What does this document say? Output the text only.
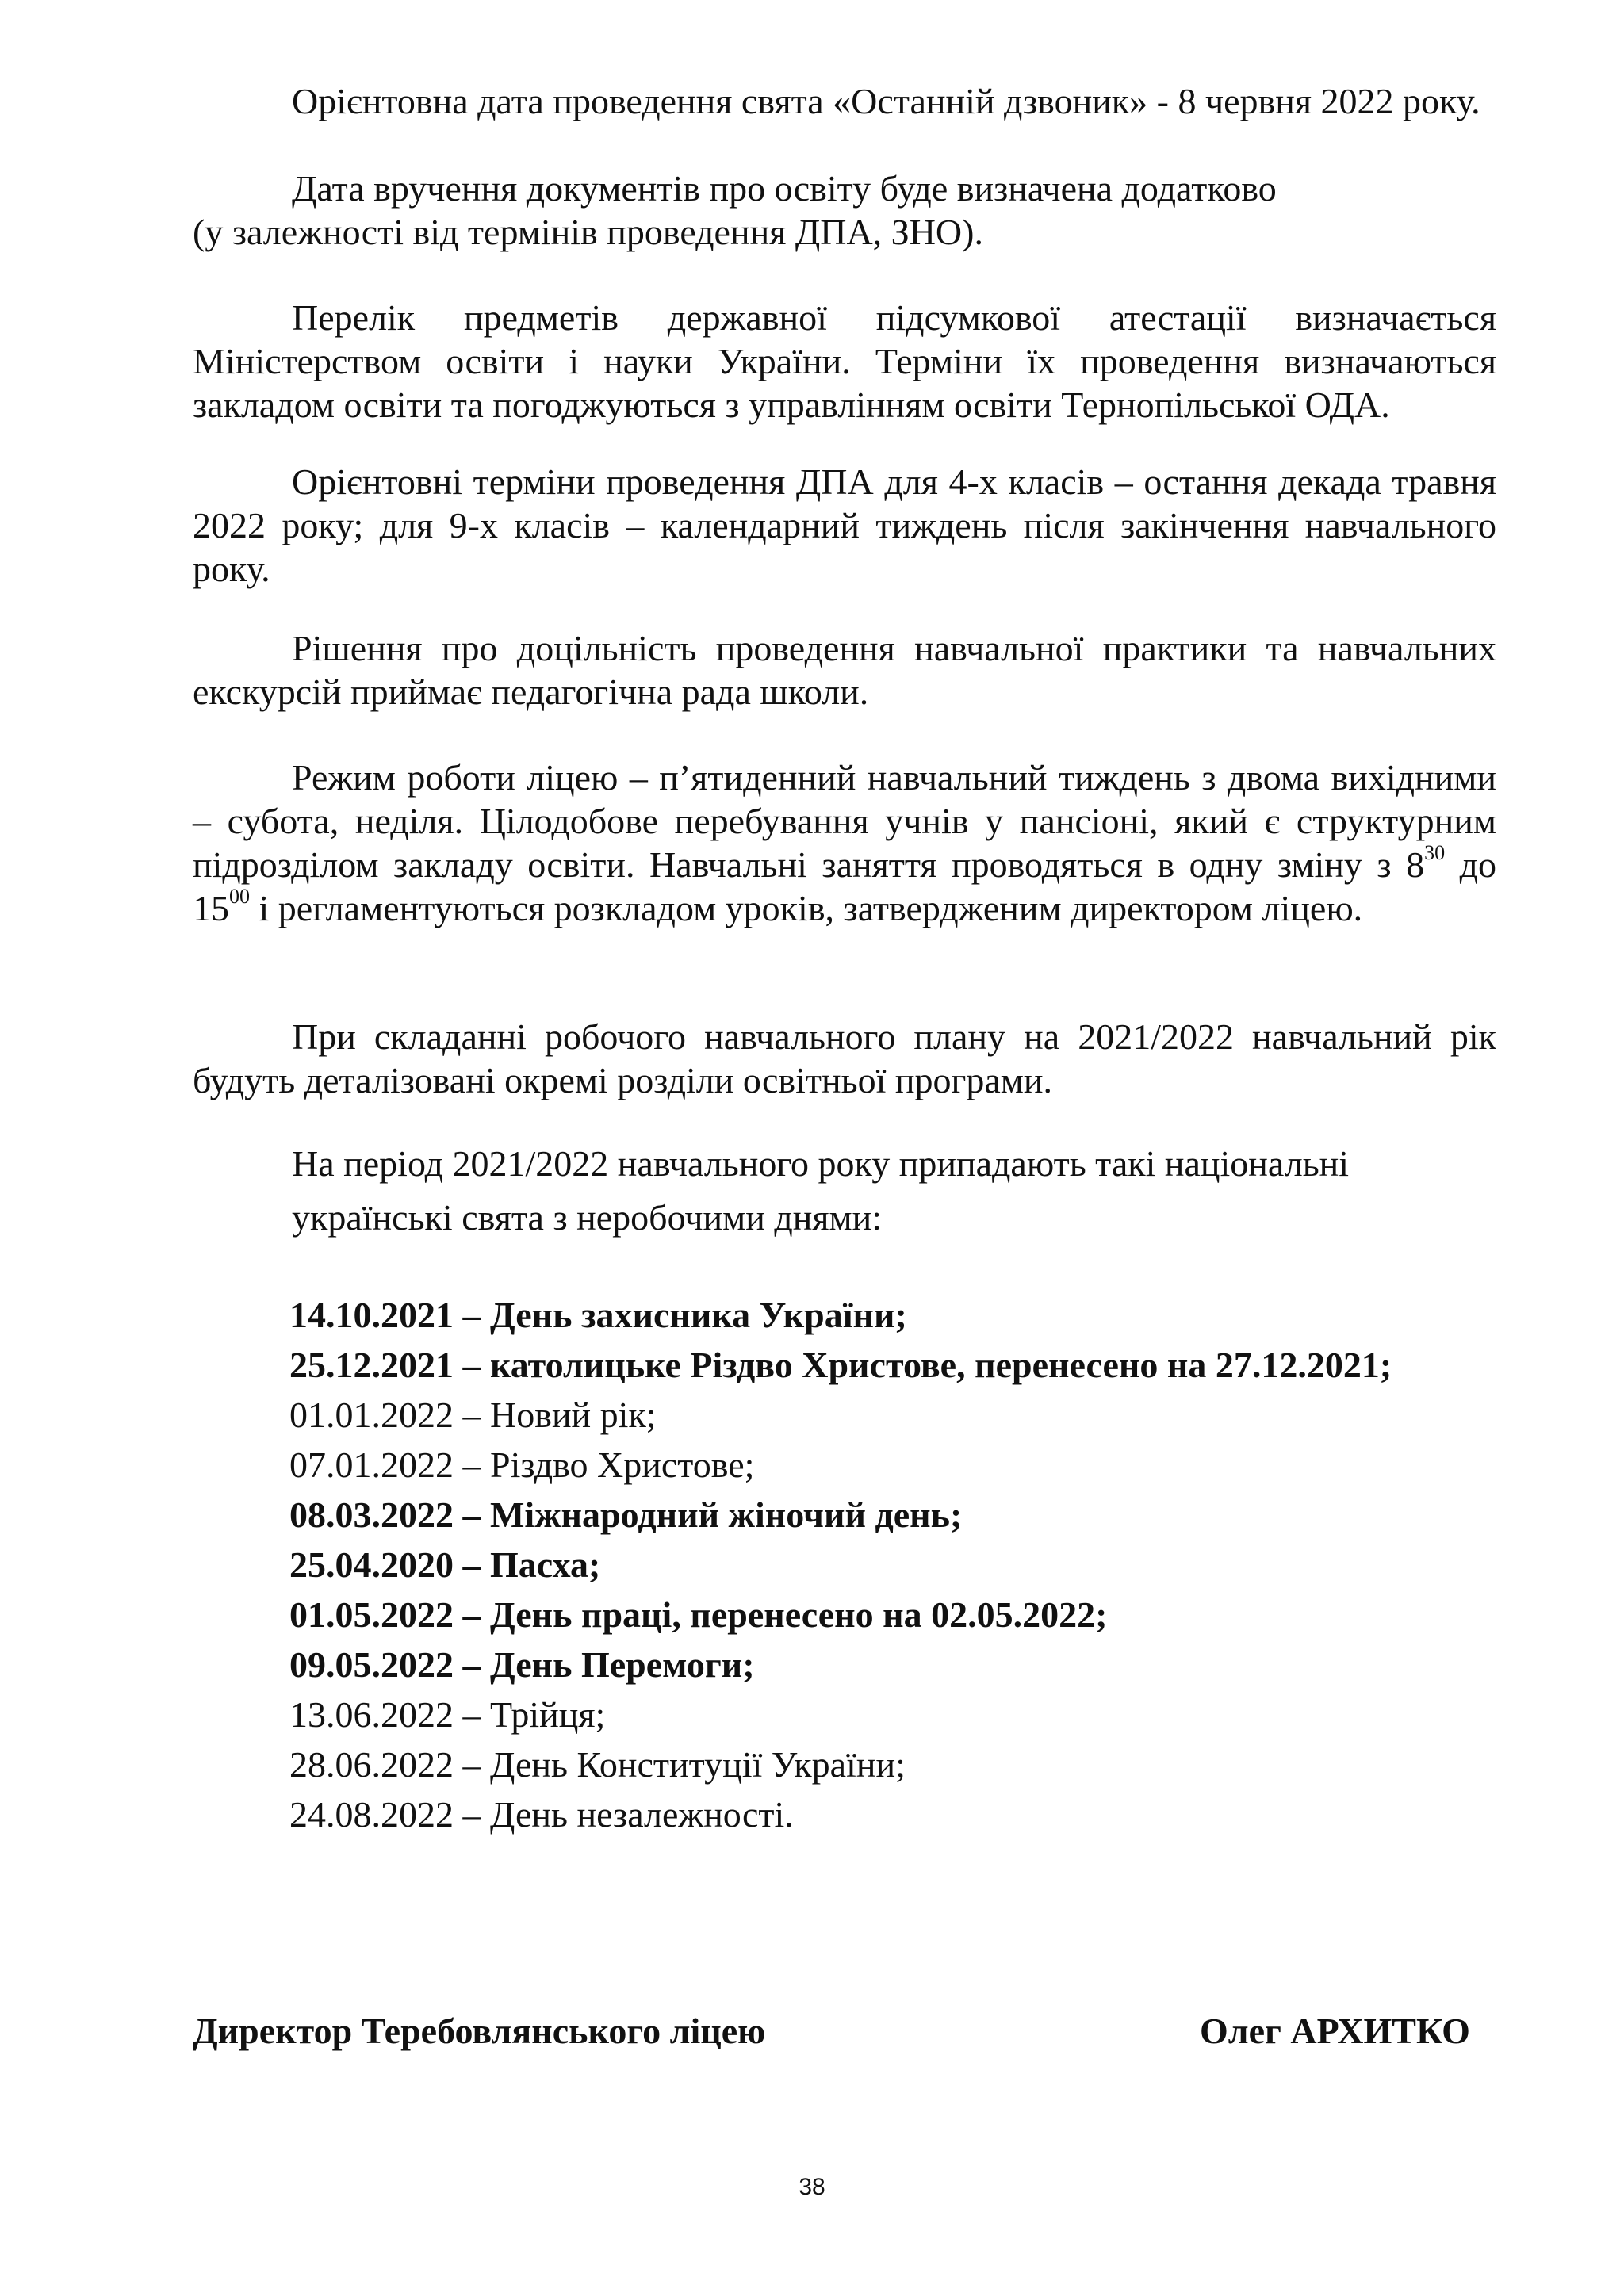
Орієнтовна дата проведення свята «Останній дзвоник» - 8 червня 2022 року.
Дата вручення документів про освіту буде визначена додатково
(у залежності від термінів проведення ДПА, ЗНО).
Перелік предметів державної підсумкової атестації визначається Міністерством освіти і науки України. Терміни їх проведення визначаються закладом освіти та погоджуються з управлінням освіти Тернопільської ОДА.
Орієнтовні терміни проведення ДПА для 4-х класів – остання декада травня 2022 року; для 9-х класів – календарний тиждень після закінчення навчального року.
Рішення про доцільність проведення навчальної практики та навчальних екскурсій приймає педагогічна рада школи.
Режим роботи ліцею – п’ятиденний навчальний тиждень з двома вихідними – субота, неділя. Цілодобове перебування учнів у пансіоні, який є структурним підрозділом закладу освіти. Навчальні заняття проводяться в одну зміну з $8^{30}$ до $15^{00}$ і регламентуються розкладом уроків, затвердженим директором ліцею.
При складанні робочого навчального плану на 2021/2022 навчальний рік будуть деталізовані окремі розділи освітньої програми.
На період 2021/2022 навчального року припадають такі національні
українські свята з неробочими днями:
14.10.2021 – День захисника України;
25.12.2021 – католицьке Різдво Христове, перенесено на 27.12.2021;
01.01.2022 – Новий рік;
07.01.2022 – Різдво Христове;
08.03.2022 – Міжнародний жіночий день;
25.04.2020 – Пасха;
01.05.2022 – День праці, перенесено на 02.05.2022;
09.05.2022 – День Перемоги;
13.06.2022 – Трійця;
28.06.2022 – День Конституції України;
24.08.2022 – День незалежності.
Директор Теребовлянського ліцею	Олег АРХИТКО
38
